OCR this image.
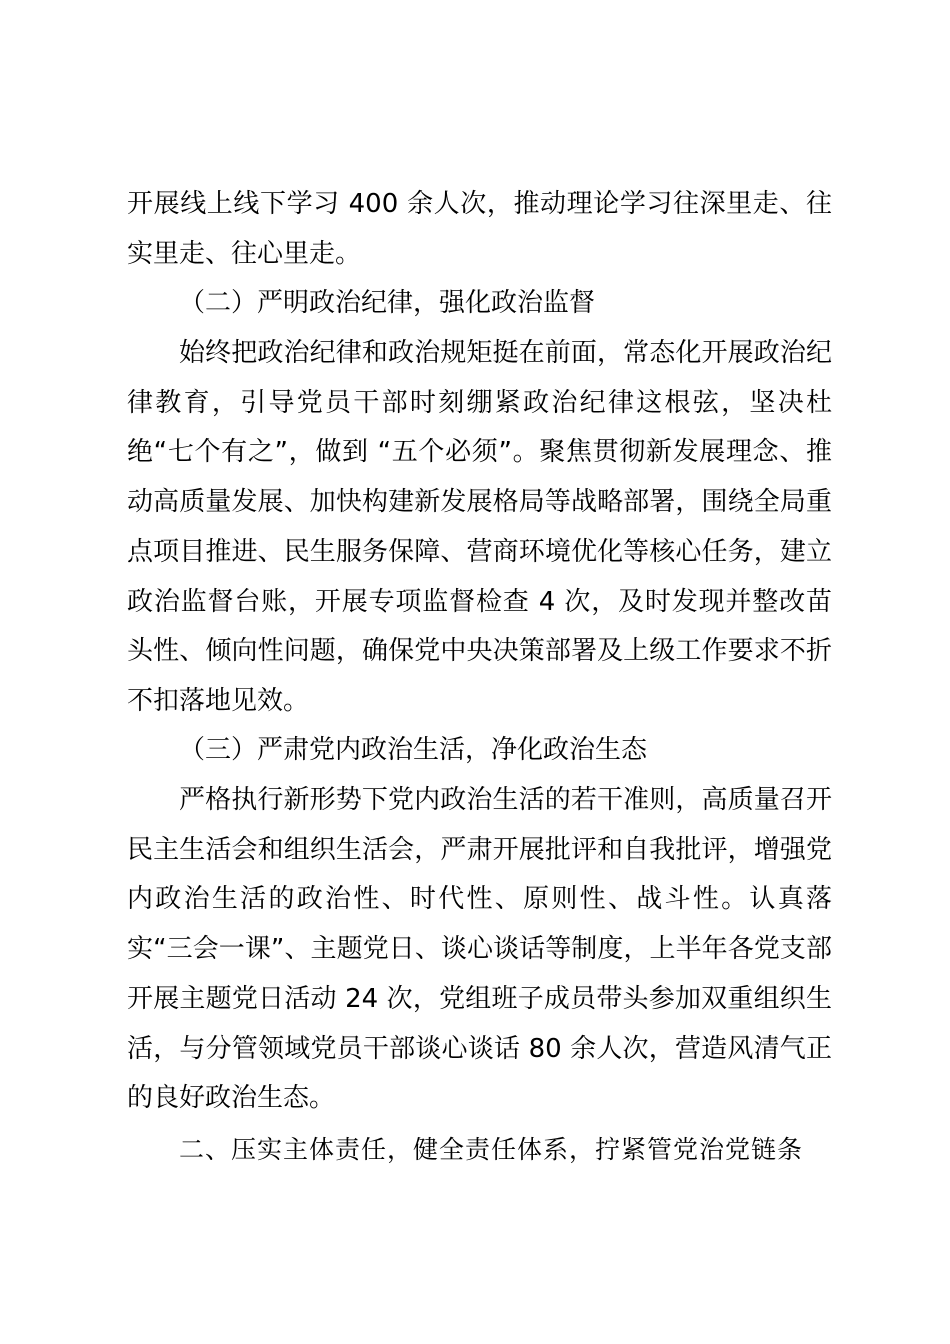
开展线上线下学习 400 余人次，推动理论学习往深里走、往实里走、往心里走。

（二）严明政治纪律，强化政治监督

始终把政治纪律和政治规矩挺在前面，常态化开展政治纪律教育，引导党员干部时刻绷紧政治纪律这根弦，坚决杜绝“七个有之”，做到 “五个必须”。聚焦贯彻新发展理念、推动高质量发展、加快构建新发展格局等战略部署，围绕全局重点项目推进、民生服务保障、营商环境优化等核心任务，建立政治监督台账，开展专项监督检查 4 次，及时发现并整改苗头性、倾向性问题，确保党中央决策部署及上级工作要求不折不扣落地见效。

（三）严肃党内政治生活，净化政治生态

严格执行新形势下党内政治生活的若干准则，高质量召开民主生活会和组织生活会，严肃开展批评和自我批评，增强党内政治生活的政治性、时代性、原则性、战斗性。认真落实“三会一课”、主题党日、谈心谈话等制度，上半年各党支部开展主题党日活动 24 次，党组班子成员带头参加双重组织生活，与分管领域党员干部谈心谈话 80 余人次，营造风清气正的良好政治生态。

二、压实主体责任，健全责任体系，拧紧管党治党链条
